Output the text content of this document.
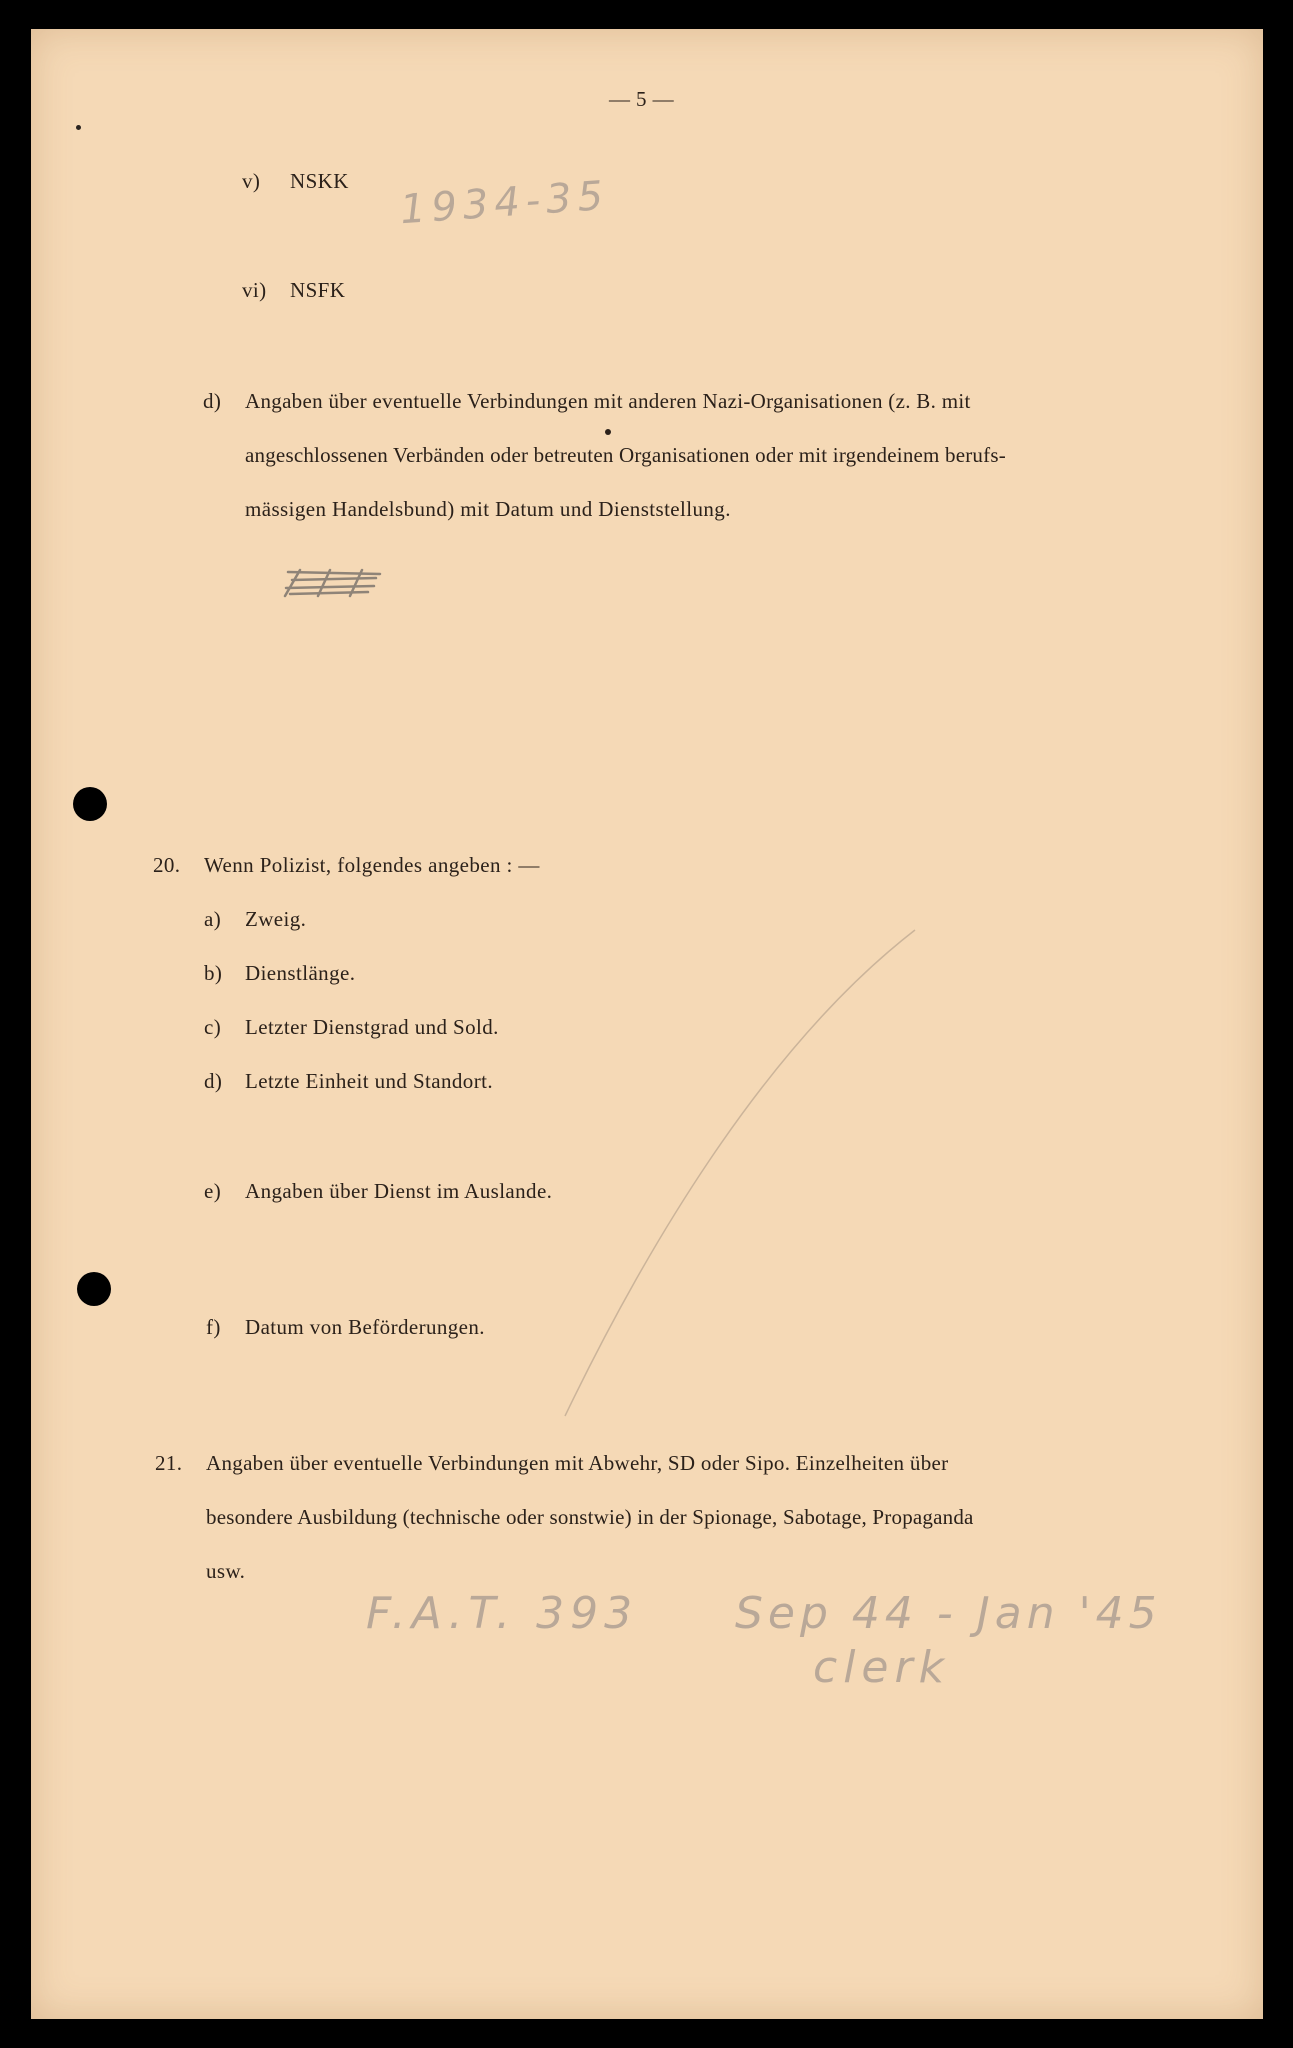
— 5 —
v) NSKK
vi) NSFK
d) Angaben über eventuelle Verbindungen mit anderen Nazi-Organisationen (z. B. mit
angeschlossenen Verbänden oder betreuten Organisationen oder mit irgendeinem berufs-
mässigen Handelsbund) mit Datum und Dienststellung.
20. Wenn Polizist, folgendes angeben : —
a) Zweig.
b) Dienstlänge.
c) Letzter Dienstgrad und Sold.
d) Letzte Einheit und Standort.
e) Angaben über Dienst im Auslande.
f) Datum von Beförderungen.
21. Angaben über eventuelle Verbindungen mit Abwehr, SD oder Sipo. Einzelheiten über
besondere Ausbildung (technische oder sonstwie) in der Spionage, Sabotage, Propaganda
usw.
1934-35
F.A.T. 393 Sep 44 - Jan '45
clerk
